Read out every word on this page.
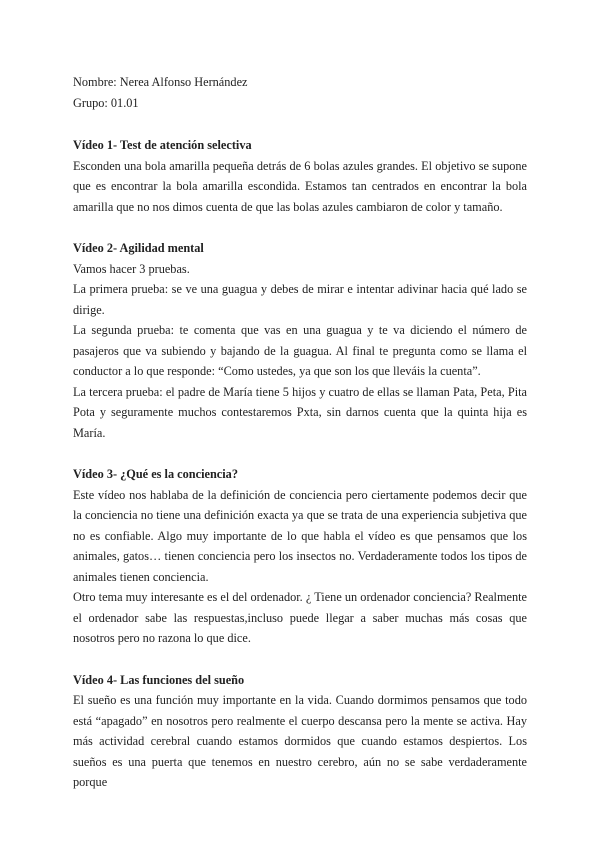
Nombre: Nerea Alfonso Hernández

Grupo: 01.01

Vídeo 1- Test de atención selectiva

Esconden una bola amarilla pequeña detrás de 6 bolas azules grandes. El objetivo se supone que es encontrar la bola amarilla escondida. Estamos tan centrados en encontrar la bola amarilla que no nos dimos cuenta de que las bolas azules cambiaron de color y tamaño.

Vídeo 2- Agilidad mental

Vamos hacer 3 pruebas.

La primera prueba: se ve una guagua y debes de mirar e intentar adivinar hacia qué lado se dirige.

La segunda prueba: te comenta que vas en una guagua y te va diciendo el número de pasajeros que va subiendo y bajando de la guagua. Al final te pregunta como se llama el conductor a lo que responde: “Como ustedes, ya que son los que lleváis la cuenta”.

La tercera prueba: el padre de María tiene 5 hijos y cuatro de ellas se llaman Pata, Peta, Pita Pota y seguramente muchos contestaremos Pxta, sin darnos cuenta que la quinta hija es María.

Vídeo 3- ¿Qué es la conciencia?

Este vídeo nos hablaba de la definición de conciencia pero ciertamente podemos decir que la conciencia no tiene una definición exacta ya que se trata de una experiencia subjetiva que no es confiable. Algo muy importante de lo que habla el vídeo es que pensamos que los animales, gatos… tienen conciencia pero los insectos no. Verdaderamente todos los tipos de animales tienen conciencia.

Otro tema muy interesante es el del ordenador. ¿ Tiene un ordenador conciencia? Realmente el ordenador sabe las respuestas,incluso puede llegar a saber muchas más cosas que nosotros pero no razona lo que dice.

Vídeo 4- Las funciones del sueño

El sueño es una función muy importante en la vida. Cuando dormimos pensamos que todo está “apagado” en nosotros pero realmente el cuerpo descansa pero la mente se activa. Hay más actividad cerebral cuando estamos dormidos que cuando estamos despiertos. Los sueños es una puerta que tenemos en nuestro cerebro, aún no se sabe verdaderamente porque
